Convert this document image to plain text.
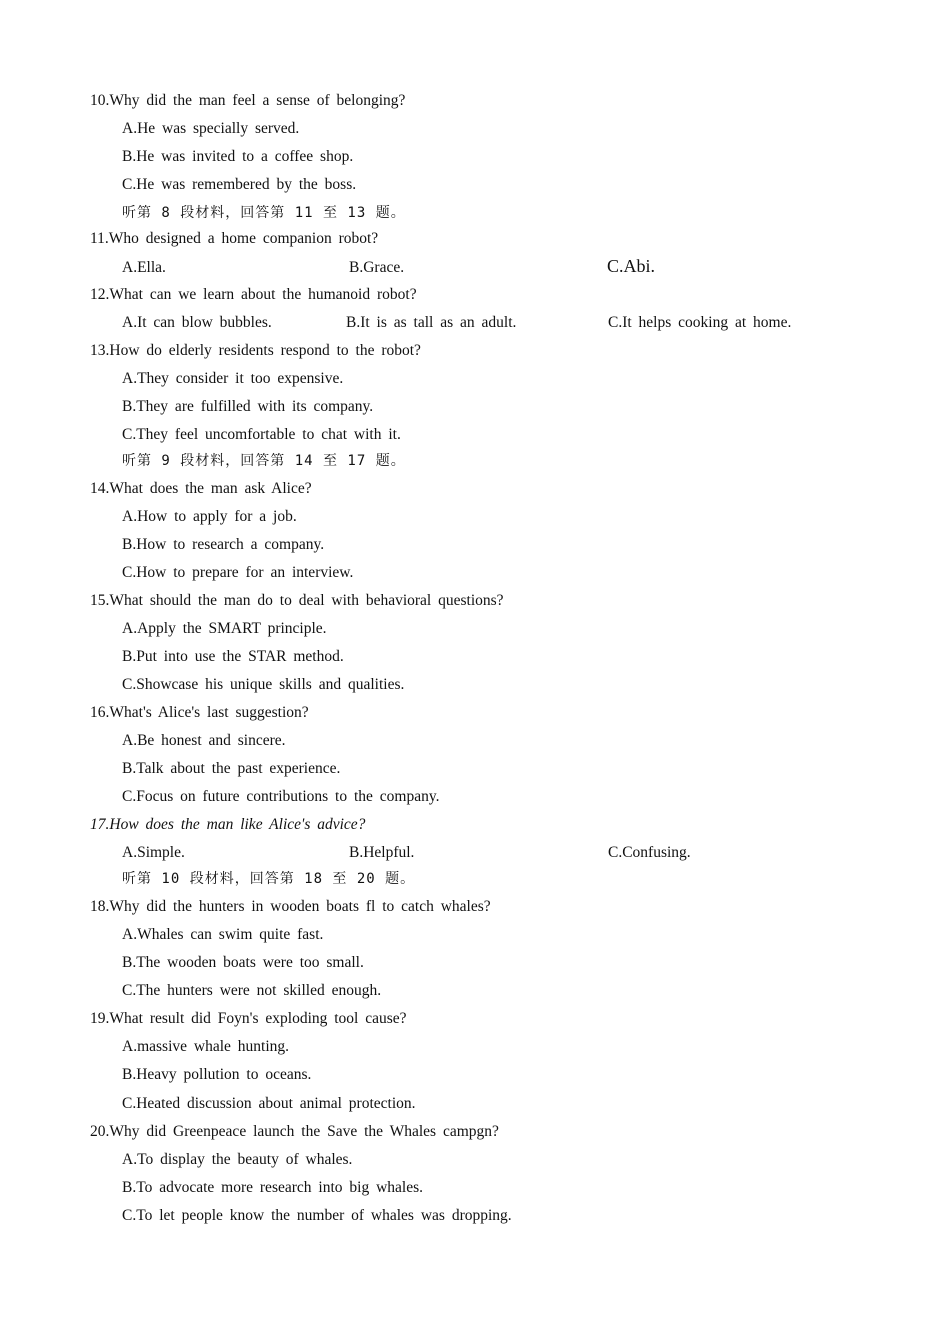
10.Why did the man feel a sense of belonging?
A.He was specially served.
B.He was invited to a coffee shop.
C.He was remembered by the boss.
听第 8 段材料，回答第 11 至 13 题。
11.Who designed a home companion robot?
A.Ella.	B.Grace.	C.Abi.
12.What can we learn about the humanoid robot?
A.It can blow bubbles.	B.It is as tall as an adult.	C.It helps cooking at home.
13.How do elderly residents respond to the robot?
A.They consider it too expensive.
B.They are fulfilled with its company.
C.They feel uncomfortable to chat with it.
听第 9 段材料，回答第 14 至 17 题。
14.What does the man ask Alice?
A.How to apply for a job.
B.How to research a company.
C.How to prepare for an interview.
15.What should the man do to deal with behavioral questions?
A.Apply the SMART principle.
B.Put into use the STAR method.
C.Showcase his unique skills and qualities.
16.What's Alice's last suggestion?
A.Be honest and sincere.
B.Talk about the past experience.
C.Focus on future contributions to the company.
17.How does the man like Alice's advice?
A.Simple.	B.Helpful.	C.Confusing.
听第 10 段材料，回答第 18 至 20 题。
18.Why did the hunters in wooden boats fl to catch whales?
A.Whales can swim quite fast.
B.The wooden boats were too small.
C.The hunters were not skilled enough.
19.What result did Foyn's exploding tool cause?
A.massive whale hunting.
B.Heavy pollution to oceans.
C.Heated discussion about animal protection.
20.Why did Greenpeace launch the Save the Whales campgn?
A.To display the beauty of whales.
B.To advocate more research into big whales.
C.To let people know the number of whales was dropping.
